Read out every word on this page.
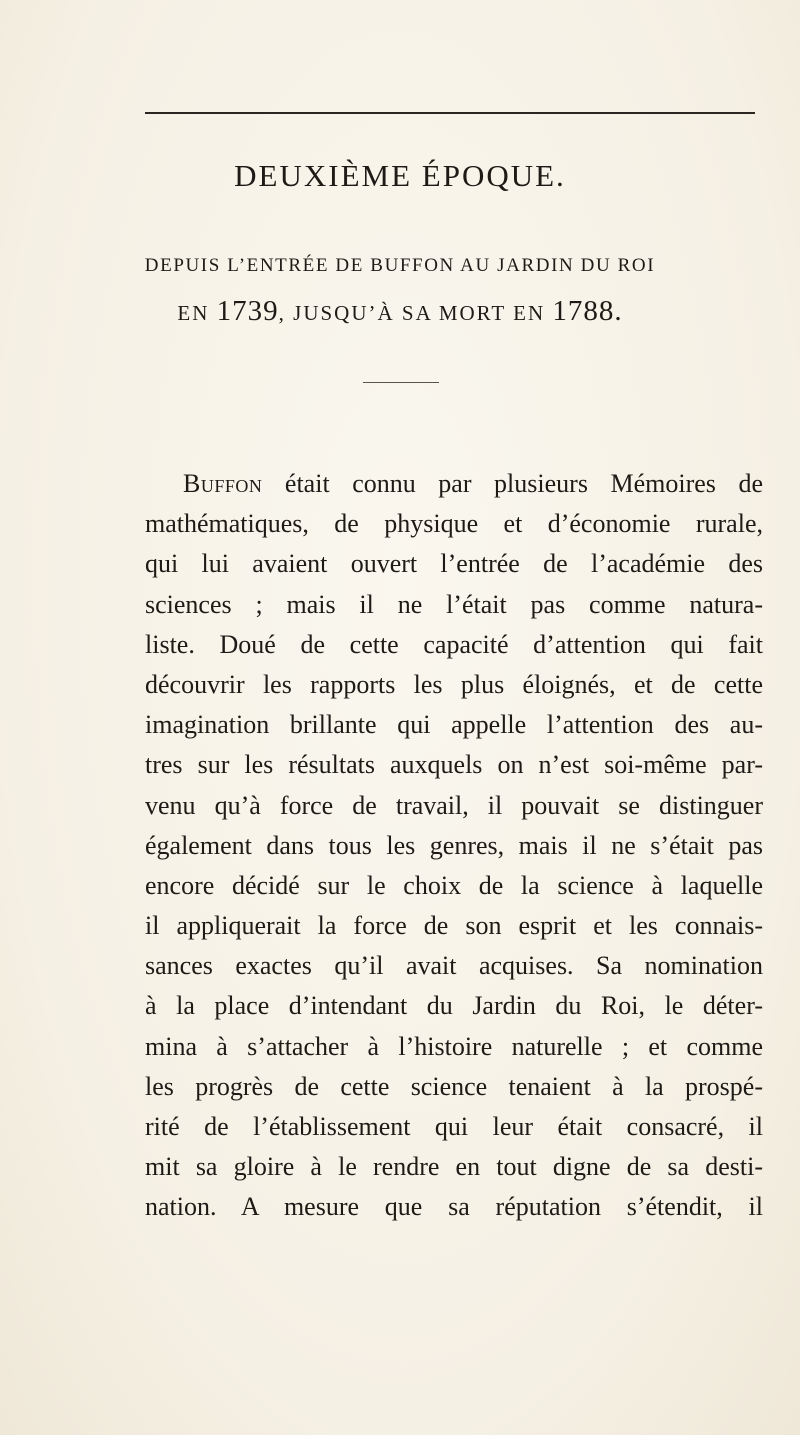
DEUXIÈME ÉPOQUE.
DEPUIS L’ENTRÉE DE BUFFON AU JARDIN DU ROI
EN 1739, JUSQU’À SA MORT EN 1788.
Buffon était connu par plusieurs Mémoires de
mathématiques, de physique et d’économie rurale,
qui lui avaient ouvert l’entrée de l’académie des
sciences ; mais il ne l’était pas comme natura-
liste. Doué de cette capacité d’attention qui fait
découvrir les rapports les plus éloignés, et de cette
imagination brillante qui appelle l’attention des au-
tres sur les résultats auxquels on n’est soi-même par-
venu qu’à force de travail, il pouvait se distinguer
également dans tous les genres, mais il ne s’était pas
encore décidé sur le choix de la science à laquelle
il appliquerait la force de son esprit et les connais-
sances exactes qu’il avait acquises. Sa nomination
à la place d’intendant du Jardin du Roi, le déter-
mina à s’attacher à l’histoire naturelle ; et comme
les progrès de cette science tenaient à la prospé-
rité de l’établissement qui leur était consacré, il
mit sa gloire à le rendre en tout digne de sa desti-
nation. A mesure que sa réputation s’étendit, il
